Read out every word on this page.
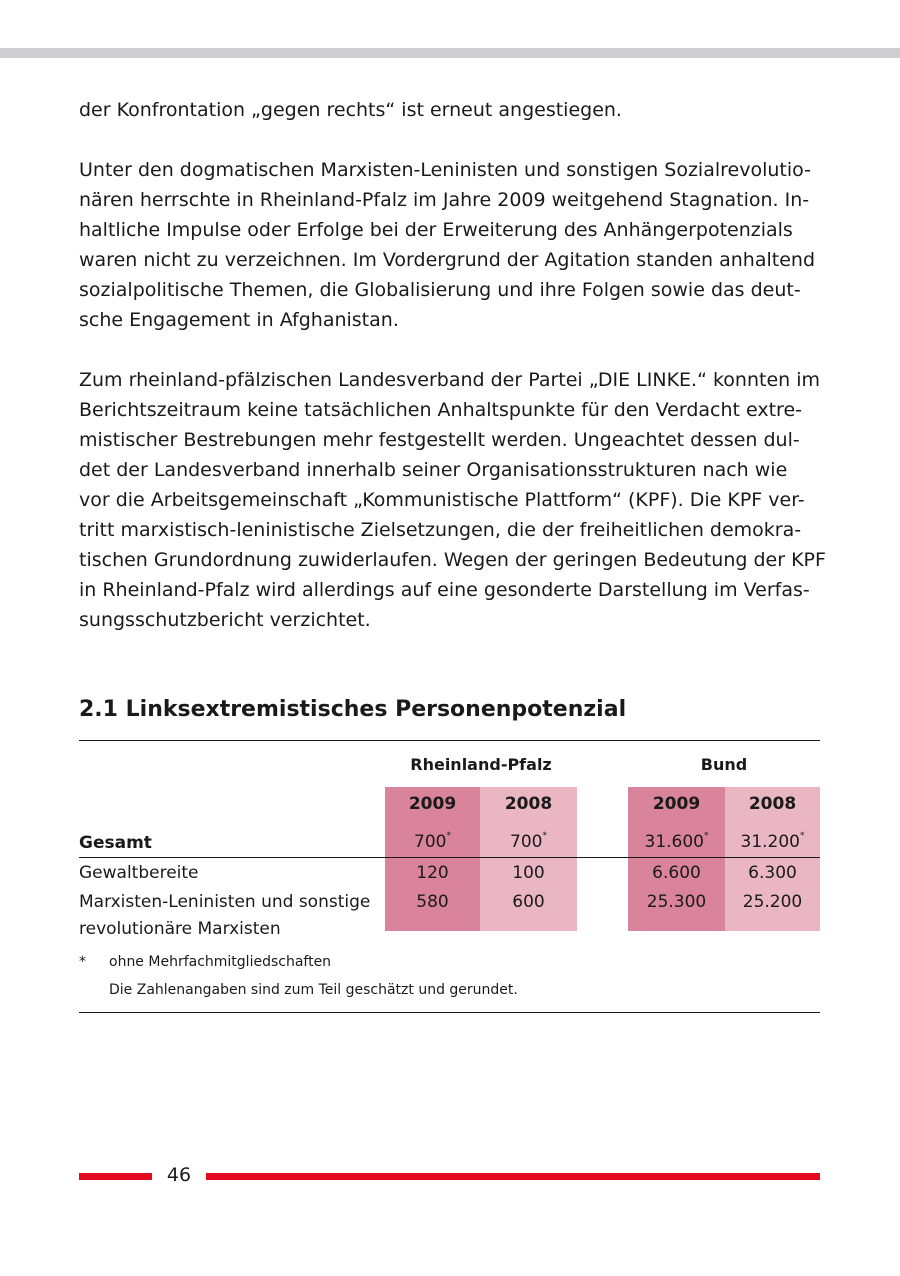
der Konfrontation „gegen rechts“ ist erneut angestiegen.
Unter den dogmatischen Marxisten-Leninisten und sonstigen Sozialrevolutio-
nären herrschte in Rheinland-Pfalz im Jahre 2009 weitgehend Stagnation. In-
haltliche Impulse oder Erfolge bei der Erweiterung des Anhängerpotenzials
waren nicht zu verzeichnen. Im Vordergrund der Agitation standen anhaltend
sozialpolitische Themen, die Globalisierung und ihre Folgen sowie das deut-
sche Engagement in Afghanistan.
Zum rheinland-pfälzischen Landesverband der Partei „DIE LINKE.“ konnten im
Berichtszeitraum keine tatsächlichen Anhaltspunkte für den Verdacht extre-
mistischer Bestrebungen mehr festgestellt werden. Ungeachtet dessen dul-
det der Landesverband innerhalb seiner Organisationsstrukturen nach wie
vor die Arbeitsgemeinschaft „Kommunistische Plattform“ (KPF). Die KPF ver-
tritt marxistisch-leninistische Zielsetzungen, die der freiheitlichen demokra-
tischen Grundordnung zuwiderlaufen. Wegen der geringen Bedeutung der KPF
in Rheinland-Pfalz wird allerdings auf eine gesonderte Darstellung im Verfas-
sungsschutzbericht verzichtet.
2.1 Linksextremistisches Personenpotenzial
Rheinland-Pfalz	Bund
2009	2008	2009	2008
Gesamt	700*	700*	31.600*	31.200*
Gewaltbereite	120	100	6.600	6.300
Marxisten-Leninisten und sonstige
revolutionäre Marxisten
580	600	25.300	25.200
* ohne Mehrfachmitgliedschaften
Die Zahlenangaben sind zum Teil geschätzt und gerundet.
46
